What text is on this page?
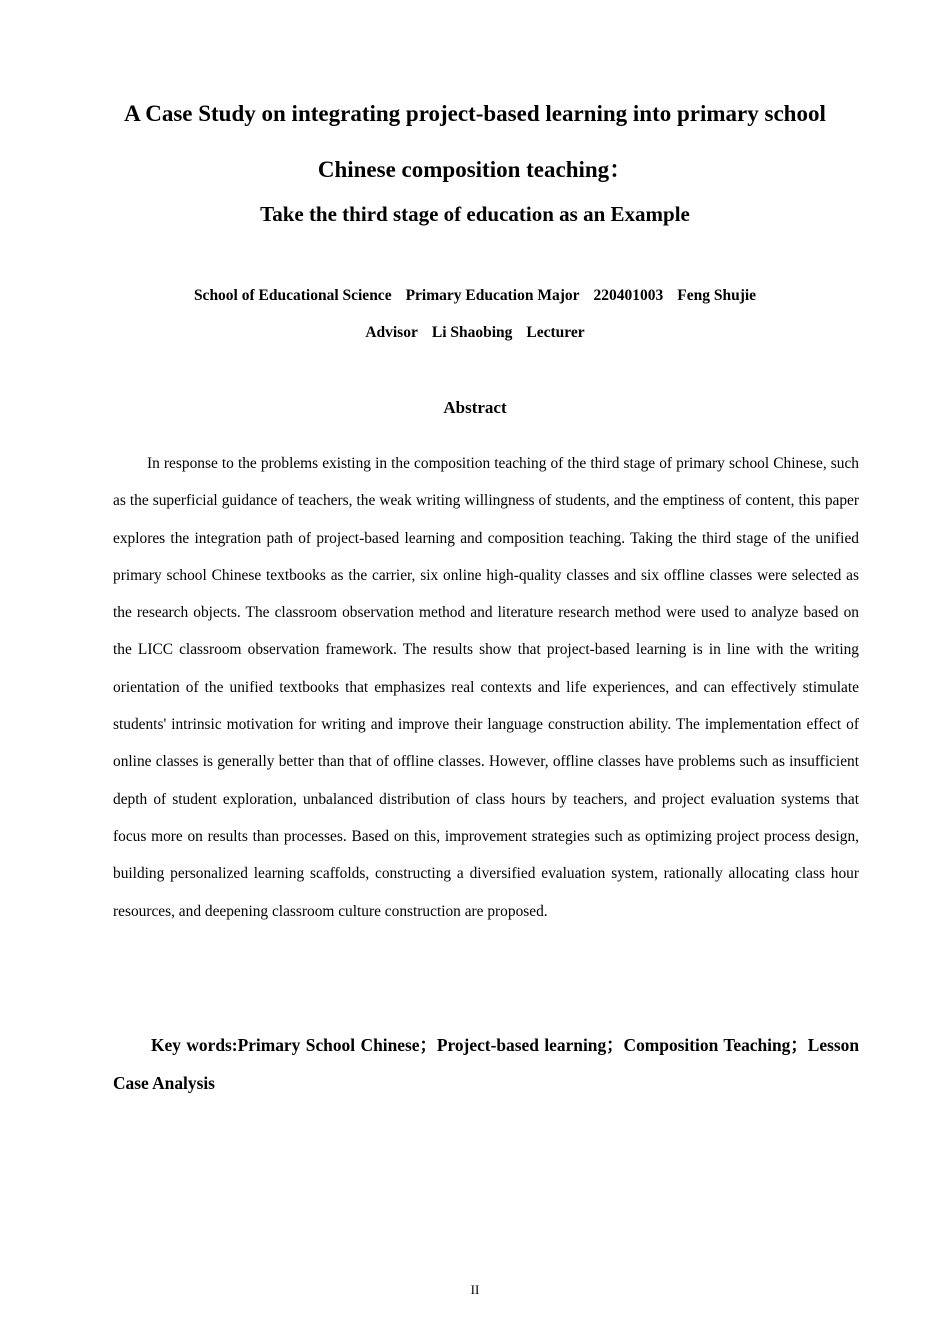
A Case Study on integrating project-based learning into primary school
Chinese composition teaching：
Take the third stage of education as an Example
School of Educational Science Primary Education Major 220401003 Feng Shujie
Advisor Li Shaobing Lecturer
Abstract

In response to the problems existing in the composition teaching of the third stage of primary school Chinese, such as the superficial guidance of teachers, the weak writing willingness of students, and the emptiness of content, this paper explores the integration path of project-based learning and composition teaching. Taking the third stage of the unified primary school Chinese textbooks as the carrier, six online high-quality classes and six offline classes were selected as the research objects. The classroom observation method and literature research method were used to analyze based on the LICC classroom observation framework. The results show that project-based learning is in line with the writing orientation of the unified textbooks that emphasizes real contexts and life experiences, and can effectively stimulate students' intrinsic motivation for writing and improve their language construction ability. The implementation effect of online classes is generally better than that of offline classes. However, offline classes have problems such as insufficient depth of student exploration, unbalanced distribution of class hours by teachers, and project evaluation systems that focus more on results than processes. Based on this, improvement strategies such as optimizing project process design, building personalized learning scaffolds, constructing a diversified evaluation system, rationally allocating class hour resources, and deepening classroom culture construction are proposed.

Key words:Primary School Chinese；Project-based learning；Composition Teaching；Lesson Case Analysis

II
